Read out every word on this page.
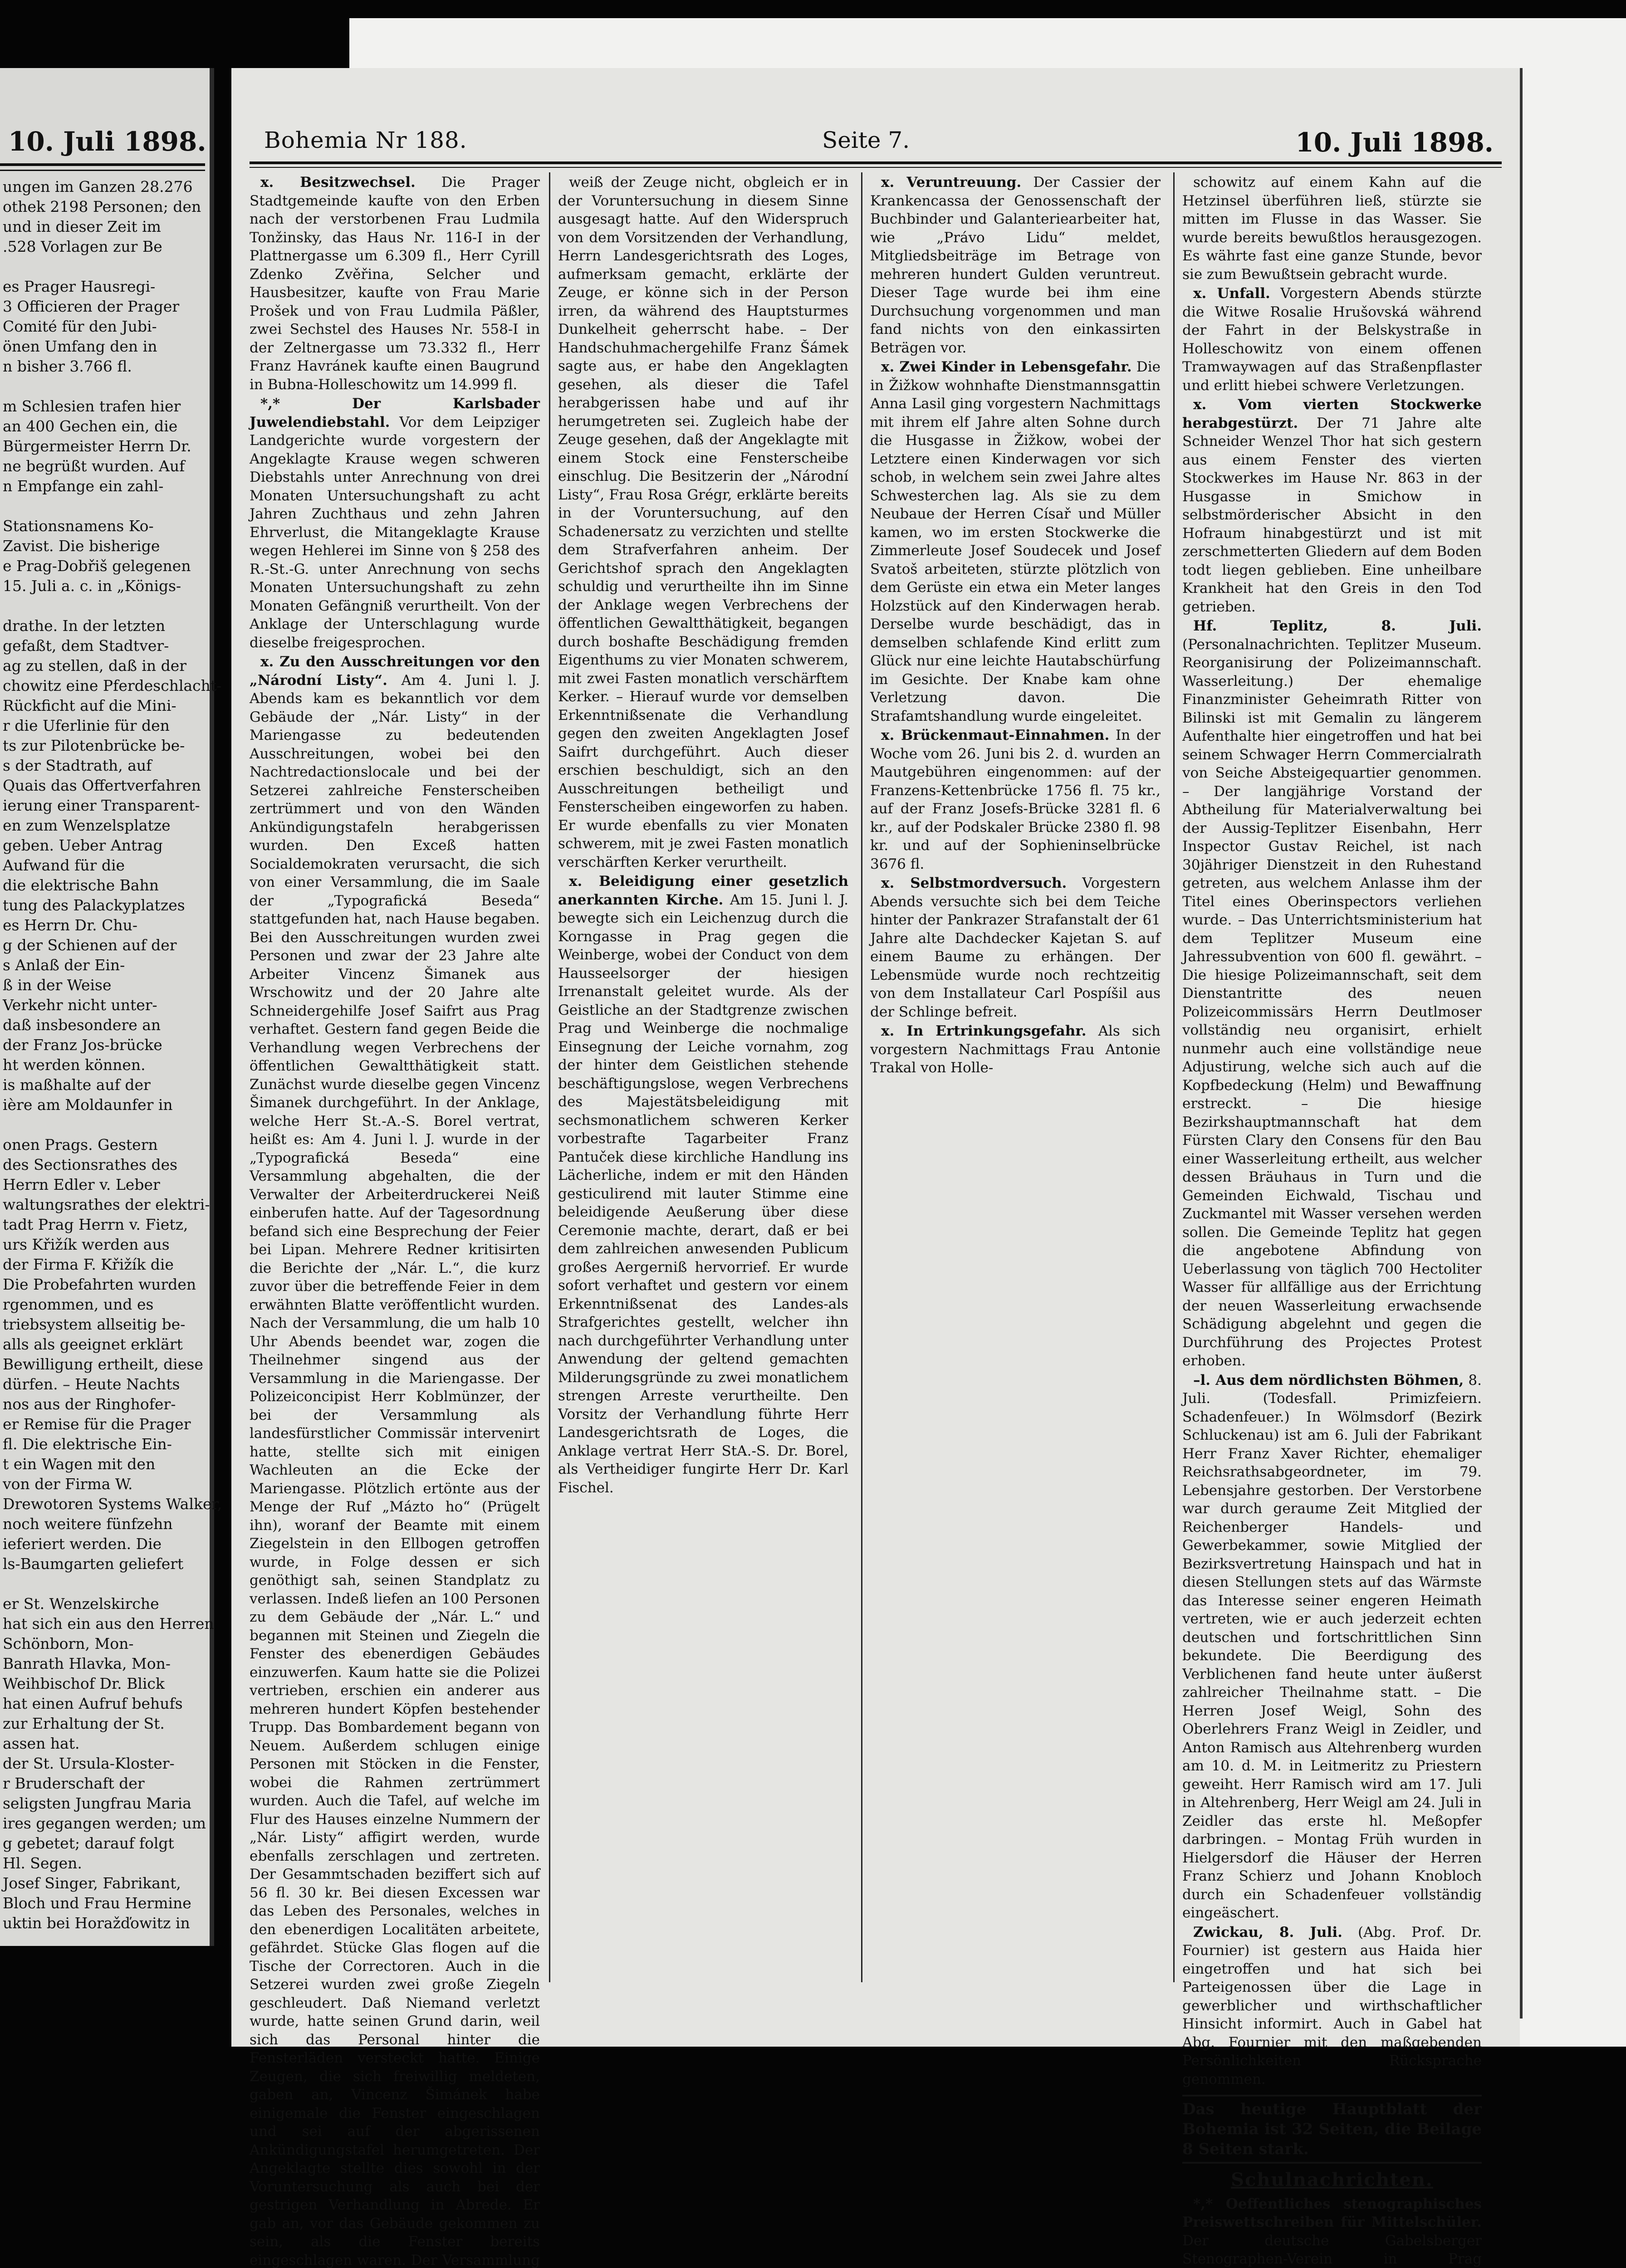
10. Juli 1898.
ungen im Ganzen 28.276
othek 2198 Personen; den
und in dieser Zeit im
.528 Vorlagen zur Be
es Prager Hausregi-
3 Officieren der Prager
Comité für den Jubi-
önen Umfang den in
n bisher 3.766 fl.
m Schlesien trafen hier
an 400 Gechen ein, die
Bürgermeister Herrn Dr.
ne begrüßt wurden. Auf
n Empfange ein zahl-
Stationsnamens Ko-
Zavist. Die bisherige
e Prag-Dobřiš gelegenen
15. Juli a. c. in „Königs-
drathe. In der letzten
gefaßt, dem Stadtver-
ag zu stellen, daß in der
chowitz eine Pferdeschlacht-
Rückficht auf die Mini-
r die Uferlinie für den
ts zur Pilotenbrücke be-
s der Stadtrath, auf
Quais das Offertverfahren
ierung einer Transparent-
en zum Wenzelsplatze
geben. Ueber Antrag
Aufwand für die
die elektrische Bahn
tung des Palackyplatzes
es Herrn Dr. Chu-
g der Schienen auf der
s Anlaß der Ein-
ß in der Weise
Verkehr nicht unter-
daß insbesondere an
der Franz Jos-brücke
ht werden können.
is maßhalte auf der
ière am Moldaunfer in
onen Prags. Gestern
des Sectionsrathes des
Herrn Edler v. Leber
waltungsrathes der elektri-
tadt Prag Herrn v. Fietz,
urs Křižík werden aus
der Firma F. Křižík die
Die Probefahrten wurden
rgenommen, und es
triebsystem allseitig be-
alls als geeignet erklärt
Bewilligung ertheilt, diese
dürfen. – Heute Nachts
nos aus der Ringhofer-
er Remise für die Prager
fl. Die elektrische Ein-
t ein Wagen mit den
von der Firma W.
Drewotoren Systems Walker,
noch weitere fünfzehn
ieferiert werden. Die
ls-Baumgarten geliefert
er St. Wenzelskirche
hat sich ein aus den Herren
Schönborn, Mon-
Banrath Hlavka, Mon-
Weihbischof Dr. Blick
hat einen Aufruf behufs
zur Erhaltung der St.
assen hat.
der St. Ursula-Kloster-
r Bruderschaft der
seligsten Jungfrau Maria
ires gegangen werden; um
g gebetet; darauf folgt
Hl. Segen.
Josef Singer, Fabrikant,
Bloch und Frau Hermine
uktin bei Horažďowitz in
Bohemia Nr 188.	Seite 7.	10. Juli 1898.

x. Besitzwechsel. Die Prager Stadtgemeinde kaufte von den Erben nach der verstorbenen Frau Ludmila Tonžinsky, das Haus Nr. 116-I in der Plattnergasse um 6.309 fl., Herr Cyrill Zdenko Zvěřina, Selcher und Hausbesitzer, kaufte von Frau Marie Prošek und von Frau Ludmila Päßler, zwei Sechstel des Hauses Nr. 558-I in der Zeltnergasse um 73.332 fl., Herr Franz Havránek kaufte einen Baugrund in Bubna-Holleschowitz um 14.999 fl.

*,* Der Karlsbader Juwelendiebstahl. Vor dem Leipziger Landgerichte wurde vorgestern der Angeklagte Krause wegen schweren Diebstahls unter Anrechnung von drei Monaten Untersuchungshaft zu acht Jahren Zuchthaus und zehn Jahren Ehrverlust, die Mitangeklagte Krause wegen Hehlerei im Sinne von § 258 des R.-St.-G. unter Anrechnung von sechs Monaten Untersuchungshaft zu zehn Monaten Gefängniß verurtheilt. Von der Anklage der Unterschlagung wurde dieselbe freigesprochen.

x. Zu den Ausschreitungen vor den „Národní Listy“. Am 4. Juni l. J. Abends kam es bekanntlich vor dem Gebäude der „Nár. Listy“ in der Mariengasse zu bedeutenden Ausschreitungen, wobei bei den Nachtredactionslocale und bei der Setzerei zahlreiche Fensterscheiben zertrümmert und von den Wänden Ankündigungstafeln herabgerissen wurden. Den Exceß hatten Socialdemokraten verursacht, die sich von einer Versammlung, die im Saale der „Typografická Beseda“ stattgefunden hat, nach Hause begaben. Bei den Ausschreitungen wurden zwei Personen und zwar der 23 Jahre alte Arbeiter Vincenz Šimanek aus Wrschowitz und der 20 Jahre alte Schneidergehilfe Josef Saifrt aus Prag verhaftet. Gestern fand gegen Beide die Verhandlung wegen Verbrechens der öffentlichen Gewaltthätigkeit statt. Zunächst wurde dieselbe gegen Vincenz Šimanek durchgeführt. In der Anklage, welche Herr St.-A.-S. Borel vertrat, heißt es: Am 4. Juni l. J. wurde in der „Typografická Beseda“ eine Versammlung abgehalten, die der Verwalter der Arbeiterdruckerei Neiß einberufen hatte. Auf der Tagesordnung befand sich eine Besprechung der Feier bei Lipan. Mehrere Redner kritisirten die Berichte der „Nár. L.“, die kurz zuvor über die betreffende Feier in dem erwähnten Blatte veröffentlicht wurden. Nach der Versammlung, die um halb 10 Uhr Abends beendet war, zogen die Theilnehmer singend aus der Versammlung in die Mariengasse. Der Polizeiconcipist Herr Koblmünzer, der bei der Versammlung als landesfürstlicher Commissär intervenirt hatte, stellte sich mit einigen Wachleuten an die Ecke der Mariengasse. Plötzlich ertönte aus der Menge der Ruf „Mázto ho“ (Prügelt ihn), woranf der Beamte mit einem Ziegelstein in den Ellbogen getroffen wurde, in Folge dessen er sich genöthigt sah, seinen Standplatz zu verlassen. Indeß liefen an 100 Personen zu dem Gebäude der „Nár. L.“ und begannen mit Steinen und Ziegeln die Fenster des ebenerdigen Gebäudes einzuwerfen. Kaum hatte sie die Polizei vertrieben, erschien ein anderer aus mehreren hundert Köpfen bestehender Trupp. Das Bombardement begann von Neuem. Außerdem schlugen einige Personen mit Stöcken in die Fenster, wobei die Rahmen zertrümmert wurden. Auch die Tafel, auf welche im Flur des Hauses einzelne Nummern der „Nár. Listy“ affigirt werden, wurde ebenfalls zerschlagen und zertreten. Der Gesammtschaden beziffert sich auf 56 fl. 30 kr. Bei diesen Excessen war das Leben des Personales, welches in den ebenerdigen Localitäten arbeitete, gefährdet. Stücke Glas flogen auf die Tische der Correctoren. Auch in die Setzerei wurden zwei große Ziegeln geschleudert. Daß Niemand verletzt wurde, hatte seinen Grund darin, weil sich das Personal hinter die Fensterläden versteckt hatte. Einige Zeugen, die sich freiwillig meldeten, gaben an, Vincenz Šimánek habe einigemale die Fenster eingeschlagen und sei auf der abgerissenen Ankündigungstafel herumgetreten. Der Angeklagte stellte dies sowohl in der Voruntersuchung als auch bei der gestrigen Verhandlung in Abrede. Er gab an, vor das Gebäude gekommen zu sein, als die Fenster bereits eingeschlagen waren. Der Versammlung

weiß der Zeuge nicht, obgleich er in der Voruntersuchung in diesem Sinne ausgesagt hatte. Auf den Widerspruch von dem Vorsitzenden der Verhandlung, Herrn Landesgerichtsrath des Loges, aufmerksam gemacht, erklärte der Zeuge, er könne sich in der Person irren, da während des Hauptsturmes Dunkelheit geherrscht habe. – Der Handschuhmachergehilfe Franz Šámek sagte aus, er habe den Angeklagten gesehen, als dieser die Tafel herabgerissen habe und auf ihr herumgetreten sei. Zugleich habe der Zeuge gesehen, daß der Angeklagte mit einem Stock eine Fensterscheibe einschlug. Die Besitzerin der „Národní Listy“, Frau Rosa Grégr, erklärte bereits in der Voruntersuchung, auf den Schadenersatz zu verzichten und stellte dem Strafverfahren anheim. Der Gerichtshof sprach den Angeklagten schuldig und verurtheilte ihn im Sinne der Anklage wegen Verbrechens der öffentlichen Gewaltthätigkeit, begangen durch boshafte Beschädigung fremden Eigenthums zu vier Monaten schwerem, mit zwei Fasten monatlich verschärftem Kerker. – Hierauf wurde vor demselben Erkenntnißsenate die Verhandlung gegen den zweiten Angeklagten Josef Saifrt durchgeführt. Auch dieser erschien beschuldigt, sich an den Ausschreitungen betheiligt und Fensterscheiben eingeworfen zu haben. Er wurde ebenfalls zu vier Monaten schwerem, mit je zwei Fasten monatlich verschärften Kerker verurtheilt.

x. Beleidigung einer gesetzlich anerkannten Kirche. Am 15. Juni l. J. bewegte sich ein Leichenzug durch die Korngasse in Prag gegen die Weinberge, wobei der Conduct von dem Hausseelsorger der hiesigen Irrenanstalt geleitet wurde. Als der Geistliche an der Stadtgrenze zwischen Prag und Weinberge die nochmalige Einsegnung der Leiche vornahm, zog der hinter dem Geistlichen stehende beschäftigungslose, wegen Verbrechens des Majestätsbeleidigung mit sechsmonatlichem schweren Kerker vorbestrafte Tagarbeiter Franz Pantuček diese kirchliche Handlung ins Lächerliche, indem er mit den Händen gesticulirend mit lauter Stimme eine beleidigende Aeußerung über diese Ceremonie machte, derart, daß er bei dem zahlreichen anwesenden Publicum großes Aergerniß hervorrief. Er wurde sofort verhaftet und gestern vor einem Erkenntnißsenat des Landes-als Strafgerichtes gestellt, welcher ihn nach durchgeführter Verhandlung unter Anwendung der geltend gemachten Milderungsgründe zu zwei monatlichem strengen Arreste verurtheilte. Den Vorsitz der Verhandlung führte Herr Landesgerichtsrath de Loges, die Anklage vertrat Herr StA.-S. Dr. Borel, als Vertheidiger fungirte Herr Dr. Karl Fischel.

x. Veruntreuung. Der Cassier der Krankencassa der Genossenschaft der Buchbinder und Galanteriearbeiter hat, wie „Právo Lidu“ meldet, Mitgliedsbeiträge im Betrage von mehreren hundert Gulden veruntreut. Dieser Tage wurde bei ihm eine Durchsuchung vorgenommen und man fand nichts von den einkassirten Beträgen vor.

x. Zwei Kinder in Lebensgefahr. Die in Žižkow wohnhafte Dienstmannsgattin Anna Lasil ging vorgestern Nachmittags mit ihrem elf Jahre alten Sohne durch die Husgasse in Žižkow, wobei der Letztere einen Kinderwagen vor sich schob, in welchem sein zwei Jahre altes Schwesterchen lag. Als sie zu dem Neubaue der Herren Císař und Müller kamen, wo im ersten Stockwerke die Zimmerleute Josef Soudecek und Josef Svatoš arbeiteten, stürzte plötzlich von dem Gerüste ein etwa ein Meter langes Holzstück auf den Kinderwagen herab. Derselbe wurde beschädigt, das in demselben schlafende Kind erlitt zum Glück nur eine leichte Hautabschürfung im Gesichte. Der Knabe kam ohne Verletzung davon. Die Strafamtshandlung wurde eingeleitet.

x. Brückenmaut-Einnahmen. In der Woche vom 26. Juni bis 2. d. wurden an Mautgebühren eingenommen: auf der Franzens-Kettenbrücke 1756 fl. 75 kr., auf der Franz Josefs-Brücke 3281 fl. 6 kr., auf der Podskaler Brücke 2380 fl. 98 kr. und auf der Sophieninselbrücke 3676 fl.

x. Selbstmordversuch. Vorgestern Abends versuchte sich bei dem Teiche hinter der Pankrazer Strafanstalt der 61 Jahre alte Dachdecker Kajetan S. auf einem Baume zu erhängen. Der Lebensmüde wurde noch rechtzeitig von dem Installateur Carl Pospíšil aus der Schlinge befreit.

x. In Ertrinkungsgefahr. Als sich vorgestern Nachmittags Frau Antonie Trakal von Holle-

schowitz auf einem Kahn auf die Hetzinsel überführen ließ, stürzte sie mitten im Flusse in das Wasser. Sie wurde bereits bewußtlos herausgezogen. Es währte fast eine ganze Stunde, bevor sie zum Bewußtsein gebracht wurde.

x. Unfall. Vorgestern Abends stürzte die Witwe Rosalie Hrušovská während der Fahrt in der Belskystraße in Holleschowitz von einem offenen Tramwaywagen auf das Straßenpflaster und erlitt hiebei schwere Verletzungen.

x. Vom vierten Stockwerke herabgestürzt. Der 71 Jahre alte Schneider Wenzel Thor hat sich gestern aus einem Fenster des vierten Stockwerkes im Hause Nr. 863 in der Husgasse in Smichow in selbstmörderischer Absicht in den Hofraum hinabgestürzt und ist mit zerschmetterten Gliedern auf dem Boden todt liegen geblieben. Eine unheilbare Krankheit hat den Greis in den Tod getrieben.

Hf. Teplitz, 8. Juli. (Personalnachrichten. Teplitzer Museum. Reorganisirung der Polizeimannschaft. Wasserleitung.) Der ehemalige Finanzminister Geheimrath Ritter von Bilinski ist mit Gemalin zu längerem Aufenthalte hier eingetroffen und hat bei seinem Schwager Herrn Commercialrath von Seiche Absteigequartier genommen. – Der langjährige Vorstand der Abtheilung für Materialverwaltung bei der Aussig-Teplitzer Eisenbahn, Herr Inspector Gustav Reichel, ist nach 30jähriger Dienstzeit in den Ruhestand getreten, aus welchem Anlasse ihm der Titel eines Oberinspectors verliehen wurde. – Das Unterrichtsministerium hat dem Teplitzer Museum eine Jahressubvention von 600 fl. gewährt. – Die hiesige Polizeimannschaft, seit dem Dienstantritte des neuen Polizeicommissärs Herrn Deutlmoser vollständig neu organisirt, erhielt nunmehr auch eine vollständige neue Adjustirung, welche sich auch auf die Kopfbedeckung (Helm) und Bewaffnung erstreckt. – Die hiesige Bezirkshauptmannschaft hat dem Fürsten Clary den Consens für den Bau einer Wasserleitung ertheilt, aus welcher dessen Bräuhaus in Turn und die Gemeinden Eichwald, Tischau und Zuckmantel mit Wasser versehen werden sollen. Die Gemeinde Teplitz hat gegen die angebotene Abfindung von Ueberlassung von täglich 700 Hectoliter Wasser für allfällige aus der Errichtung der neuen Wasserleitung erwachsende Schädigung abgelehnt und gegen die Durchführung des Projectes Protest erhoben.

–l. Aus dem nördlichsten Böhmen, 8. Juli. (Todesfall. Primizfeiern. Schadenfeuer.) In Wölmsdorf (Bezirk Schluckenau) ist am 6. Juli der Fabrikant Herr Franz Xaver Richter, ehemaliger Reichsrathsabgeordneter, im 79. Lebensjahre gestorben. Der Verstorbene war durch geraume Zeit Mitglied der Reichenberger Handels- und Gewerbekammer, sowie Mitglied der Bezirksvertretung Hainspach und hat in diesen Stellungen stets auf das Wärmste das Interesse seiner engeren Heimath vertreten, wie er auch jederzeit echten deutschen und fortschrittlichen Sinn bekundete. Die Beerdigung des Verblichenen fand heute unter äußerst zahlreicher Theilnahme statt. – Die Herren Josef Weigl, Sohn des Oberlehrers Franz Weigl in Zeidler, und Anton Ramisch aus Altehrenberg wurden am 10. d. M. in Leitmeritz zu Priestern geweiht. Herr Ramisch wird am 17. Juli in Altehrenberg, Herr Weigl am 24. Juli in Zeidler das erste hl. Meßopfer darbringen. – Montag Früh wurden in Hielgersdorf die Häuser der Herren Franz Schierz und Johann Knobloch durch ein Schadenfeuer vollständig eingeäschert.

Zwickau, 8. Juli. (Abg. Prof. Dr. Fournier) ist gestern aus Haida hier eingetroffen und hat sich bei Parteigenossen über die Lage in gewerblicher und wirthschaftlicher Hinsicht informirt. Auch in Gabel hat Abg. Fournier mit den maßgebenden Persönlichkeiten Rücksprache genommen.

Das heutige Hauptblatt der Bohemia ist 32 Seiten, die Beilage 8 Seiten stark.
Schulnachrichten.

*,* Oeffentliches stenographisches Preiswettschreiben für Mittelschüler. Der deutsche Gabelsberger Stenographen-Verein in Prag
